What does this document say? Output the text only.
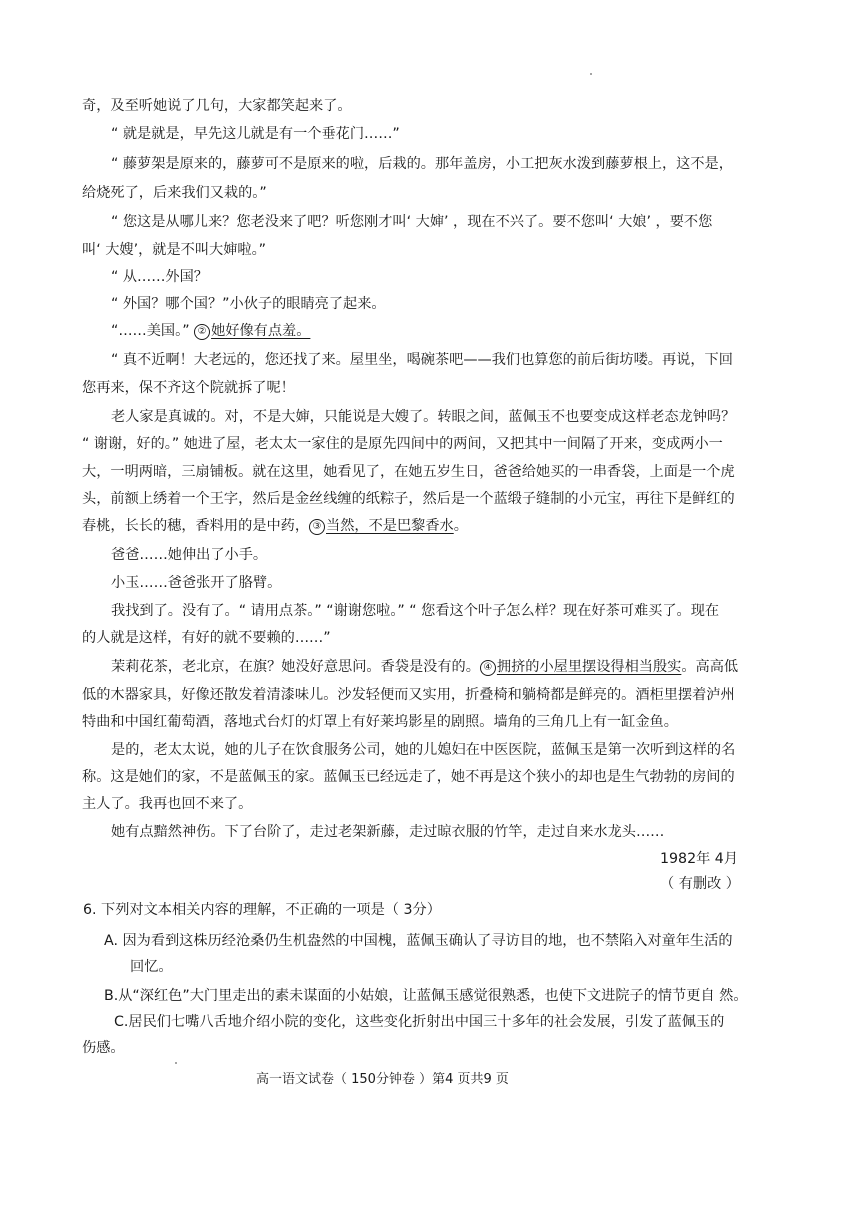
奇，及至听她说了几句，大家都笑起来了。
“ 就是就是，早先这儿就是有一个垂花门……”
“ 藤萝架是原来的，藤萝可不是原来的啦，后栽的。那年盖房，小工把灰水泼到藤萝根上，这不是，
给烧死了，后来我们又栽的。”
“ 您这是从哪儿来？您老没来了吧？听您刚才叫‘ 大婶’ ，现在不兴了。要不您叫‘ 大娘’ ，要不您
叫‘ 大嫂’，就是不叫大婶啦。”
“ 从……外国？
“ 外国？哪个国？”小伙子的眼睛亮了起来。
“……美国。” ② 她好像有点羞。
“ 真不近啊！大老远的，您还找了来。屋里坐，喝碗茶吧——我们也算您的前后街坊喽。再说，下回
您再来，保不齐这个院就拆了呢！
老人家是真诚的。对，不是大婶，只能说是大嫂了。转眼之间，蓝佩玉不也要变成这样老态龙钟吗？
“ 谢谢，好的。” 她进了屋，老太太一家住的是原先四间中的两间，又把其中一间隔了开来，变成两小一
大，一明两暗，三扇铺板。就在这里，她看见了，在她五岁生日，爸爸给她买的一串香袋，上面是一个虎
头，前额上绣着一个王字，然后是金丝线缠的纸粽子，然后是一个蓝缎子缝制的小元宝，再往下是鲜红的
春桃，长长的穗，香料用的是中药， ③ 当然，不是巴黎香水。
爸爸……她伸出了小手。
小玉……爸爸张开了胳臂。
我找到了。没有了。“ 请用点茶。” “谢谢您啦。” “ 您看这个叶子怎么样？现在好茶可难买了。现在
的人就是这样，有好的就不要赖的……”
茉莉花茶，老北京，在旗？她没好意思问。香袋是没有的。 ④ 拥挤的小屋里摆设得相当殷实。高高低
低的木器家具，好像还散发着清漆味儿。沙发轻便而又实用，折叠椅和躺椅都是鲜亮的。酒柜里摆着泸州
特曲和中国红葡萄酒，落地式台灯的灯罩上有好莱坞影星的剧照。墙角的三角几上有一缸金鱼。
是的，老太太说，她的儿子在饮食服务公司，她的儿媳妇在中医医院，蓝佩玉是第一次听到这样的名
称。这是她们的家，不是蓝佩玉的家。蓝佩玉已经远走了，她不再是这个狭小的却也是生气勃勃的房间的
主人了。我再也回不来了。
她有点黯然神伤。下了台阶了，走过老架新藤，走过晾衣服的竹竿，走过自来水龙头……
1982年 4月
（ 有删改 ）
6. 下列对文本相关内容的理解，不正确的一项是（ 3分）
A. 因为看到这株历经沧桑仍生机盎然的中国槐，蓝佩玉确认了寻访目的地，也不禁陷入对童年生活的
回忆。
B.从“深红色”大门里走出的素未谋面的小姑娘，让蓝佩玉感觉很熟悉，也使下文进院子的情节更自 然。
C.居民们七嘴八舌地介绍小院的变化，这些变化折射出中国三十多年的社会发展，引发了蓝佩玉的
伤感。
高一语文试卷（ 150分钟卷 ）第4 页共9 页
